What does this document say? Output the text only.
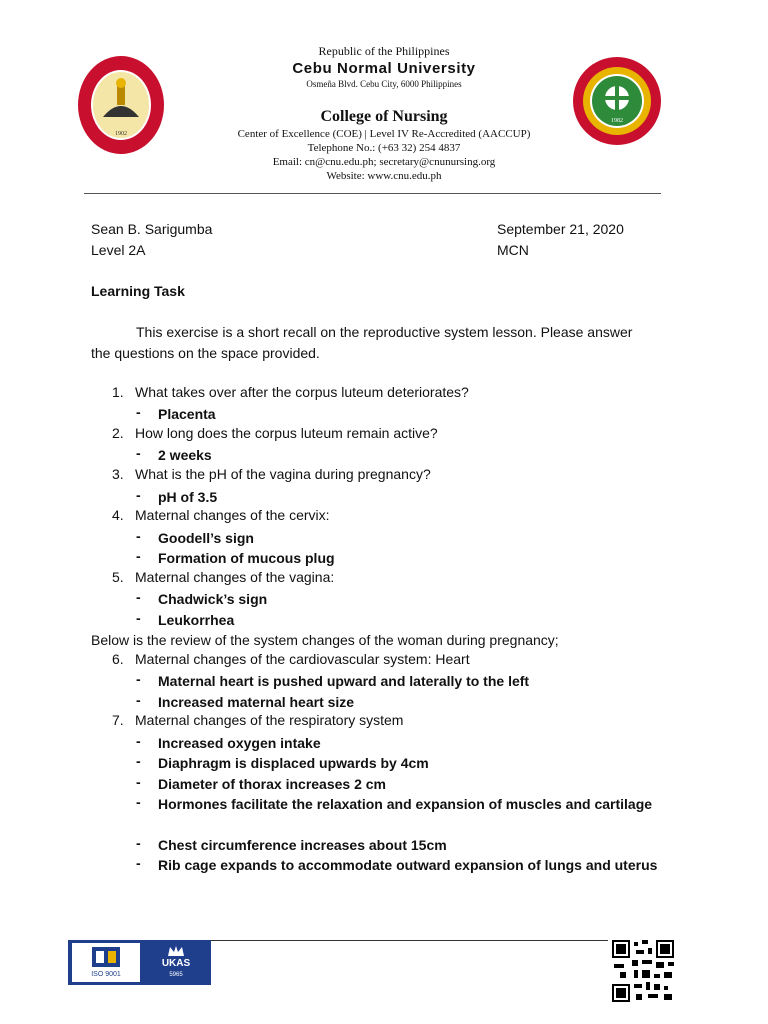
1902
1982
Republic of the Philippines
Cebu Normal University
Osmeña Blvd. Cebu City, 6000 Philippines
College of Nursing
Center of Excellence (COE) | Level IV Re-Accredited (AACCUP)
Telephone No.: (+63 32) 254 4837
Email: cn@cnu.edu.ph; secretary@cnunursing.org
Website: www.cnu.edu.ph
Sean B. Sarigumba
Level 2A
September 21, 2020
MCN
Learning Task
This exercise is a short recall on the reproductive system lesson. Please answer
the questions on the space provided.
1. What takes over after the corpus luteum deteriorates?
- Placenta
2. How long does the corpus luteum remain active?
- 2 weeks
3. What is the pH of the vagina during pregnancy?
- pH of 3.5
4. Maternal changes of the cervix:
- Goodell’s sign
- Formation of mucous plug
5. Maternal changes of the vagina:
- Chadwick’s sign
- Leukorrhea
Below is the review of the system changes of the woman during pregnancy;
6. Maternal changes of the cardiovascular system: Heart
- Maternal heart is pushed upward and laterally to the left
- Increased maternal heart size
7. Maternal changes of the respiratory system
- Increased oxygen intake
- Diaphragm is displaced upwards by 4cm
- Diameter of thorax increases 2 cm
- Hormones facilitate the relaxation and expansion of muscles and cartilage
- Chest circumference increases about 15cm
- Rib cage expands to accommodate outward expansion of lungs and uterus
ISO 9001
UKAS
5965
